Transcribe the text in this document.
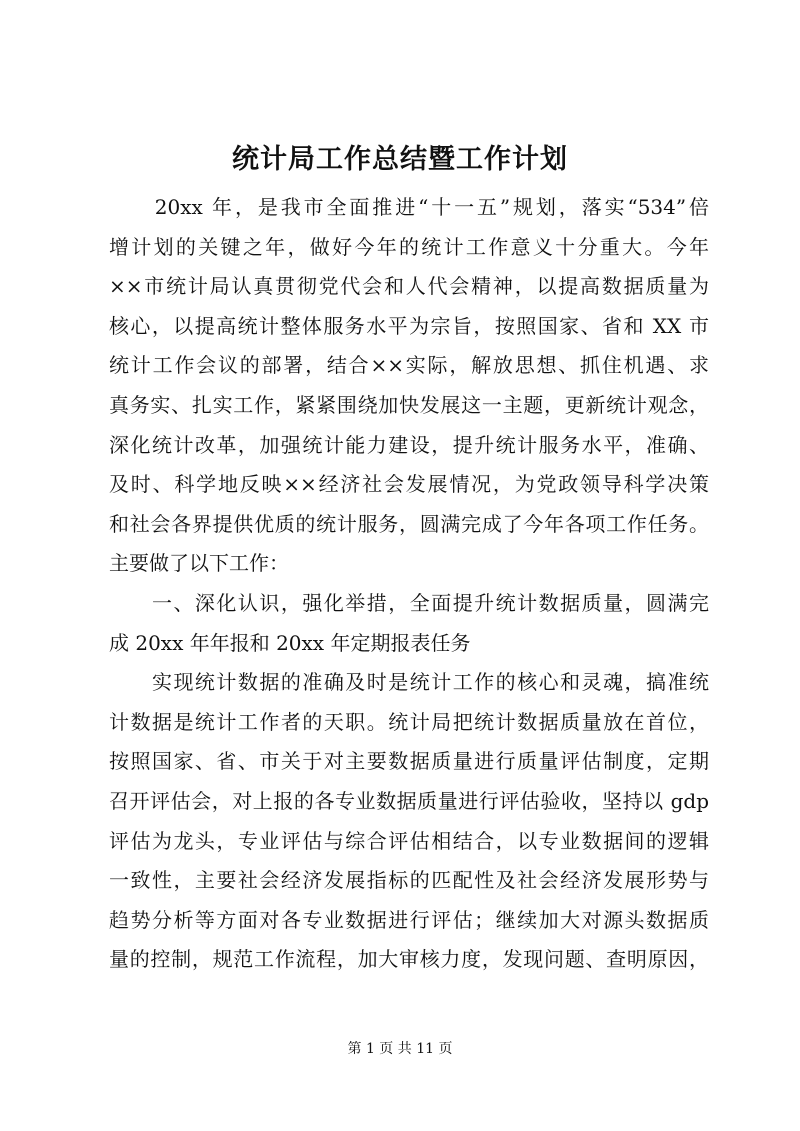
统计局工作总结暨工作计划
　　20xx 年，是我市全面推进“十一五”规划，落实“534”倍
增计划的关键之年，做好今年的统计工作意义十分重大。今年
××市统计局认真贯彻党代会和人代会精神，以提高数据质量为
核心，以提高统计整体服务水平为宗旨，按照国家、省和 XX 市
统计工作会议的部署，结合××实际，解放思想、抓住机遇、求
真务实、扎实工作，紧紧围绕加快发展这一主题，更新统计观念，
深化统计改革，加强统计能力建设，提升统计服务水平，准确、
及时、科学地反映××经济社会发展情况，为党政领导科学决策
和社会各界提供优质的统计服务，圆满完成了今年各项工作任务。
主要做了以下工作：
　　一、深化认识，强化举措，全面提升统计数据质量，圆满完
成 20xx 年年报和 20xx 年定期报表任务
　　实现统计数据的准确及时是统计工作的核心和灵魂，搞准统
计数据是统计工作者的天职。统计局把统计数据质量放在首位，
按照国家、省、市关于对主要数据质量进行质量评估制度，定期
召开评估会，对上报的各专业数据质量进行评估验收，坚持以 gdp
评估为龙头，专业评估与综合评估相结合，以专业数据间的逻辑
一致性，主要社会经济发展指标的匹配性及社会经济发展形势与
趋势分析等方面对各专业数据进行评估；继续加大对源头数据质
量的控制，规范工作流程，加大审核力度，发现问题、查明原因，
第 1 页 共 11 页
